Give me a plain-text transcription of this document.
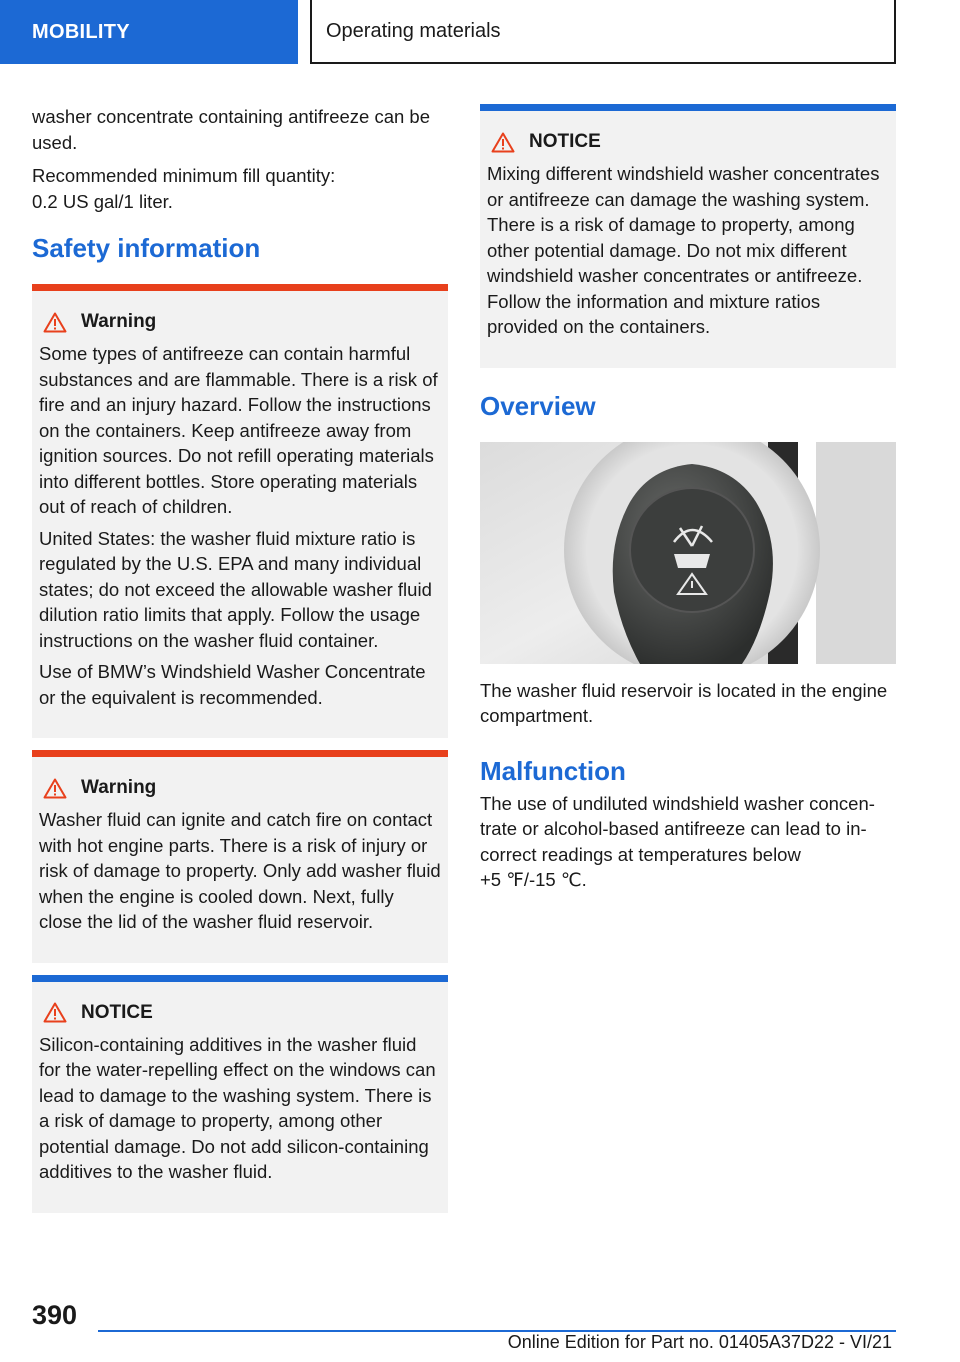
MOBILITY	Operating materials

washer concentrate containing antifreeze can be used.

Recommended minimum fill quantity:
0.2 US gal/1 liter.

Safety information
Warning

Some types of antifreeze can contain harmful substances and are flammable. There is a risk of fire and an injury hazard. Follow the instructions on the containers. Keep antifreeze away from ignition sources. Do not refill operating materials into different bottles. Store operating materials out of reach of children.

United States: the washer fluid mixture ratio is regulated by the U.S. EPA and many individual states; do not exceed the allowable washer fluid dilution ratio limits that apply. Follow the usage instructions on the washer fluid container.

Use of BMW’s Windshield Washer Concentrate or the equivalent is recommended.

Warning

Washer fluid can ignite and catch fire on contact with hot engine parts. There is a risk of injury or risk of damage to property. Only add washer fluid when the engine is cooled down. Next, fully close the lid of the washer fluid reservoir.

NOTICE

Silicon-containing additives in the washer fluid for the water-repelling effect on the windows can lead to damage to the washing system. There is a risk of damage to property, among other potential damage. Do not add silicon-containing additives to the washer fluid.

NOTICE

Mixing different windshield washer concentrates or antifreeze can damage the washing system. There is a risk of damage to property, among other potential damage. Do not mix different windshield washer concentrates or antifreeze. Follow the information and mixture ratios provided on the containers.

Overview

The washer fluid reservoir is located in the engine compartment.

Malfunction

The use of undiluted windshield washer concentrate or alcohol-based antifreeze can lead to incorrect readings at temperatures below
+5 ℉/-15 ℃.

390
Online Edition for Part no. 01405A37D22 - VI/21
